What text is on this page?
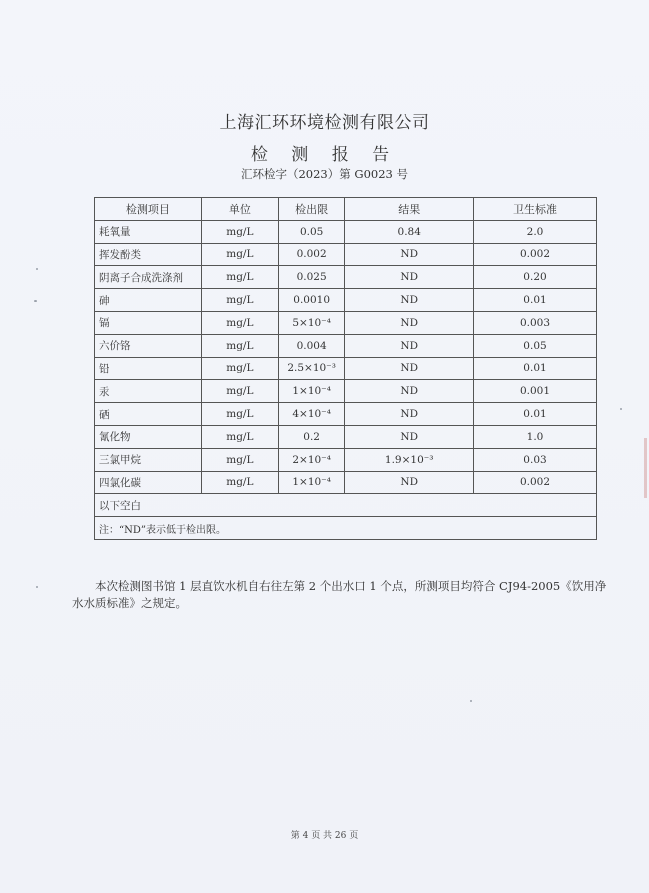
上海汇环环境检测有限公司
检 测 报 告
汇环检字（2023）第 G0023 号
检测项目	单位	检出限	结果	卫生标准
耗氧量	mg/L	0.05	0.84	2.0
挥发酚类	mg/L	0.002	ND	0.002
阴离子合成洗涤剂	mg/L	0.025	ND	0.20
砷	mg/L	0.0010	ND	0.01
镉	mg/L	5×10⁻⁴	ND	0.003
六价铬	mg/L	0.004	ND	0.05
铅	mg/L	2.5×10⁻³	ND	0.01
汞	mg/L	1×10⁻⁴	ND	0.001
硒	mg/L	4×10⁻⁴	ND	0.01
氰化物	mg/L	0.2	ND	1.0
三氯甲烷	mg/L	2×10⁻⁴	1.9×10⁻³	0.03
四氯化碳	mg/L	1×10⁻⁴	ND	0.002
以下空白				
注：“ND”表示低于检出限。				
本次检测图书馆 1 层直饮水机自右往左第 2 个出水口 1 个点，所测项目均符合 CJ94-2005《饮用净水水质标准》之规定。
第 4 页 共 26 页
